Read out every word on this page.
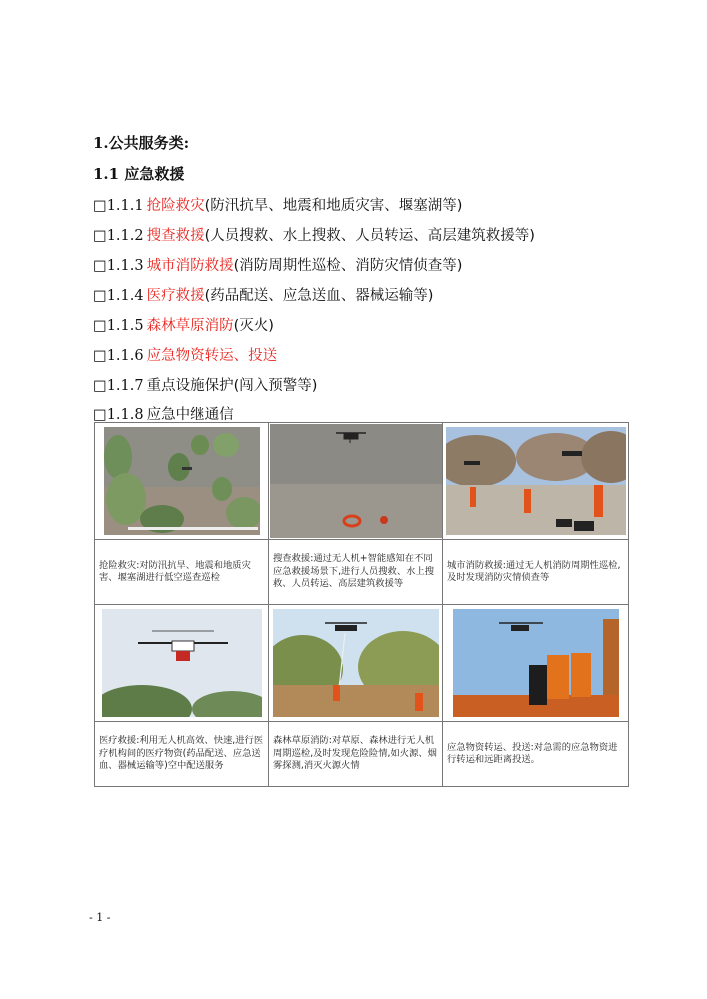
1.公共服务类:
1.1 应急救援
□1.1.1 抢险救灾(防汛抗旱、地震和地质灾害、堰塞湖等)
□1.1.2 搜查救援(人员搜救、水上搜救、人员转运、高层建筑救援等)
□1.1.3 城市消防救援(消防周期性巡检、消防灾情侦查等)
□1.1.4 医疗救援(药品配送、应急送血、器械运输等)
□1.1.5 森林草原消防(灭火)
□1.1.6 应急物资转运、投送
□1.1.7 重点设施保护(闯入预警等)
□1.1.8 应急中继通信

抢险救灾:对防汛抗旱、地震和地质灾害、堰塞湖进行低空巡查巡检	搜查救援:通过无人机+智能感知在不同应急救援场景下,进行人员搜救、水上搜救、人员转运、高层建筑救援等	城市消防救援:通过无人机消防周期性巡检,及时发现消防灾情侦查等

医疗救援:利用无人机高效、快速,进行医疗机构间的医疗物资(药品配送、应急送血、器械运输等)空中配送服务	森林草原消防:对草原、森林进行无人机周期巡检,及时发现危险险情,如火源、烟雾探测,消灭火源火情	应急物资转运、投送:对急需的应急物资进行转运和远距离投送。
- 1 -
